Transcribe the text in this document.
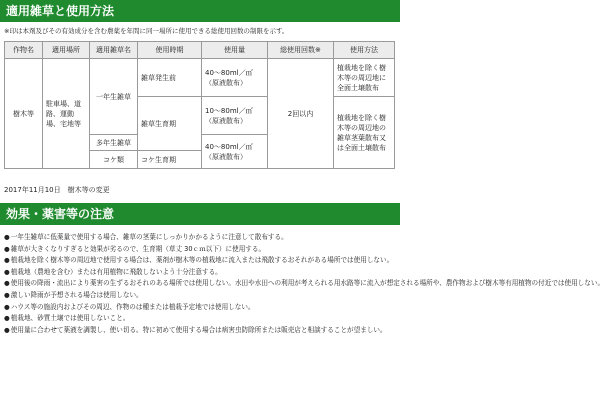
適用雑草と使用方法
※印は本剤及びその有効成分を含む農薬を年間に同一場所に使用できる総使用回数の制限を示す。
作物名	適用場所	適用雑草名	使用時期	使用量	総使用回数※	使用方法
樹木等	駐車場、道路、運動場、宅地等	一年生雑草	雑草発生前	40～80ml／㎡（原液散布）	2回以内	植栽地を除く樹木等の周辺地に全面土壌散布
			雑草生育期	10～80ml／㎡（原液散布）		植栽地を除く樹木等の周辺地の雑草茎葉散布又は全面土壌散布
		多年生雑草		40～80ml／㎡（原液散布）		
		コケ類	コケ生育期			
2017年11月10日　樹木等の変更
効果・薬害等の注意
●一年生雑草に低薬量で使用する場合、雑草の茎葉にしっかりかかるように注意して散布する。
●雑草が大きくなりすぎると効果が劣るので、生育期（草丈 30ｃｍ以下）に使用する。
●植栽地を除く樹木等の周辺地で使用する場合は、薬剤が樹木等の植栽地に流入または飛散するおそれがある場所では使用しない。
●植栽地（農地を含む）または有用植物に飛散しないよう十分注意する。
●使用後の降雨・流出により薬害の生ずるおそれのある場所では使用しない。水田や水田への利用が考えられる用水路等に流入が想定される場所や、農作物および樹木等有用植物の付近では使用しない。
●激しい降雨が予想される場合は使用しない。
●ハウス等の施設内およびその周辺、作物のは種または植栽予定地では使用しない。
●植栽地、砂質土壌では使用しないこと。
●使用量に合わせて薬液を調製し、使い切る。特に初めて使用する場合は病害虫防除所または販売店と相談することが望ましい。
